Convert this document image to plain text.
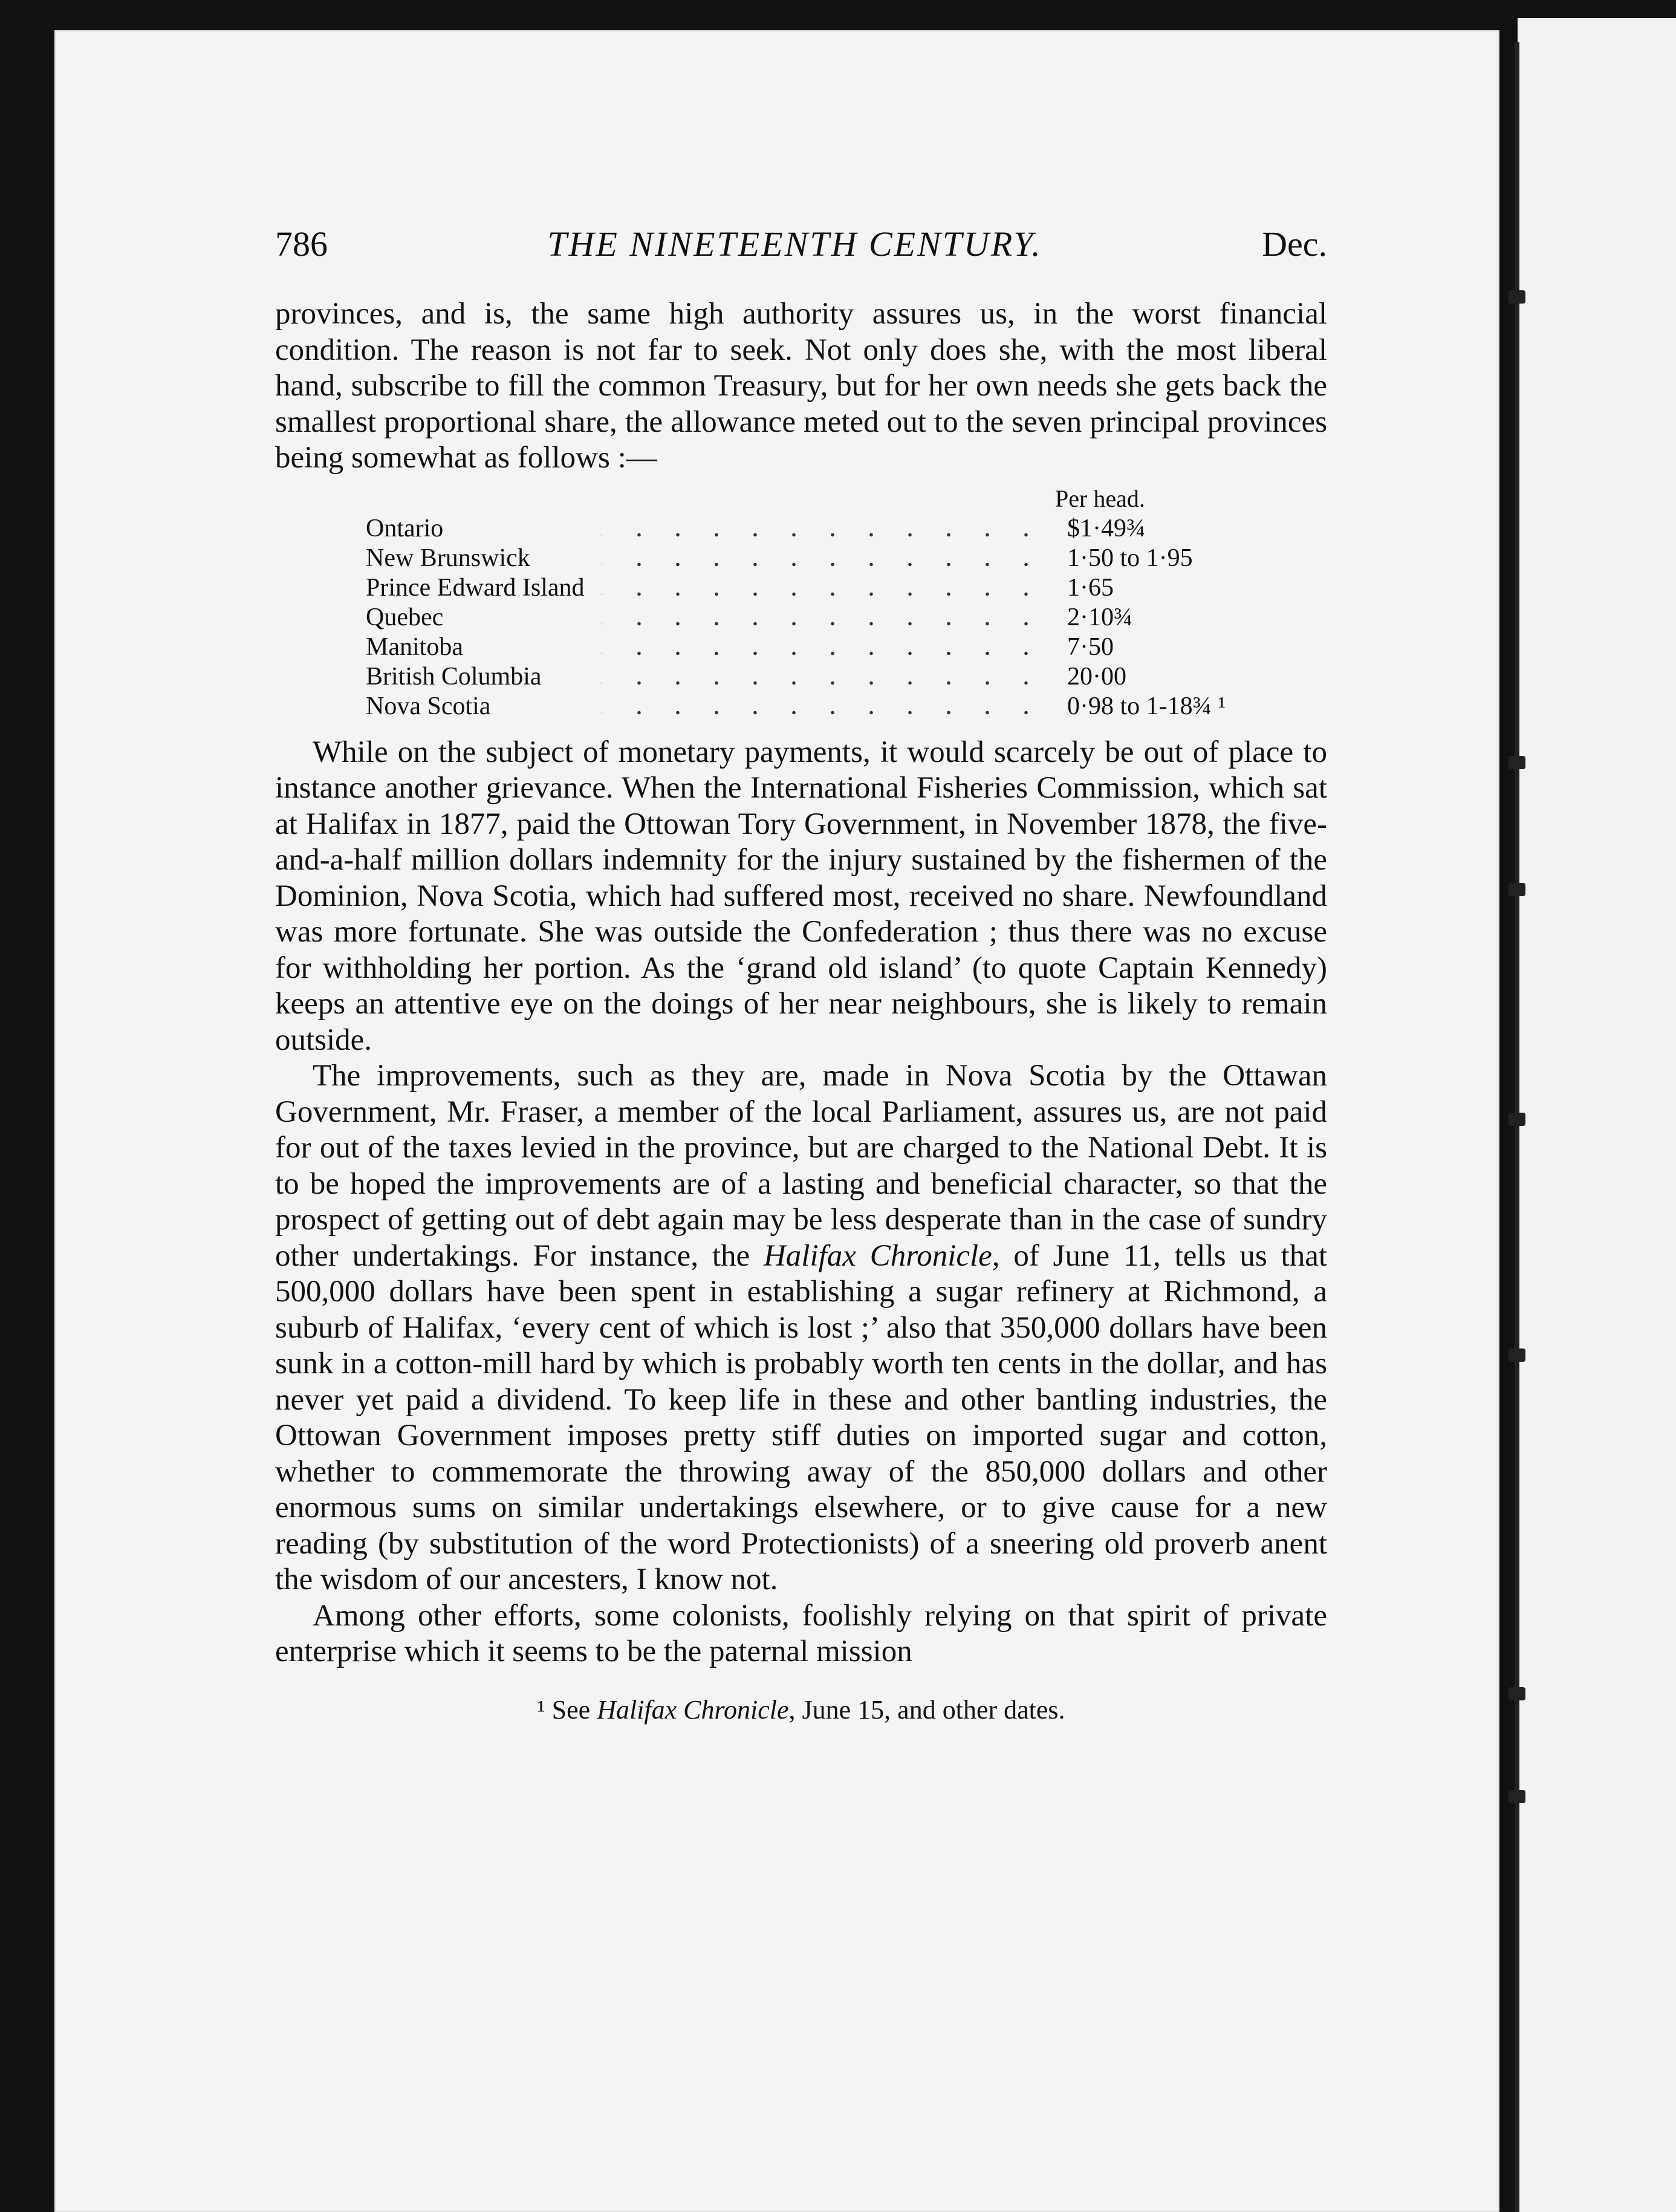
786	THE NINETEENTH CENTURY.	Dec.

provinces, and is, the same high authority assures us, in the worst financial condition. The reason is not far to seek. Not only does she, with the most liberal hand, subscribe to fill the common Treasury, but for her own needs she gets back the smallest proportional share, the allowance meted out to the seven principal provinces being somewhat as follows :—

Per head.
Ontario	$1·49¾
New Brunswick	1·50 to 1·95
Prince Edward Island	1·65
Quebec	2·10¾
Manitoba	7·50
British Columbia	20·00
Nova Scotia	0·98 to 1-18¾ ¹

While on the subject of monetary payments, it would scarcely be out of place to instance another grievance. When the International Fisheries Commission, which sat at Halifax in 1877, paid the Ottowan Tory Government, in November 1878, the five-and-a-half million dollars indemnity for the injury sustained by the fishermen of the Dominion, Nova Scotia, which had suffered most, received no share. Newfoundland was more fortunate. She was outside the Confederation ; thus there was no excuse for withholding her portion. As the ‘grand old island’ (to quote Captain Kennedy) keeps an attentive eye on the doings of her near neighbours, she is likely to remain outside.

The improvements, such as they are, made in Nova Scotia by the Ottawan Government, Mr. Fraser, a member of the local Parliament, assures us, are not paid for out of the taxes levied in the province, but are charged to the National Debt. It is to be hoped the improvements are of a lasting and beneficial character, so that the prospect of getting out of debt again may be less desperate than in the case of sundry other undertakings. For instance, the Halifax Chronicle, of June 11, tells us that 500,000 dollars have been spent in establishing a sugar refinery at Richmond, a suburb of Halifax, ‘every cent of which is lost ;’ also that 350,000 dollars have been sunk in a cotton-mill hard by which is probably worth ten cents in the dollar, and has never yet paid a dividend. To keep life in these and other bantling industries, the Ottowan Government imposes pretty stiff duties on imported sugar and cotton, whether to commemorate the throwing away of the 850,000 dollars and other enormous sums on similar undertakings elsewhere, or to give cause for a new reading (by substitution of the word Protectionists) of a sneering old proverb anent the wisdom of our ancesters, I know not.

Among other efforts, some colonists, foolishly relying on that spirit of private enterprise which it seems to be the paternal mission

¹ See Halifax Chronicle, June 15, and other dates.
